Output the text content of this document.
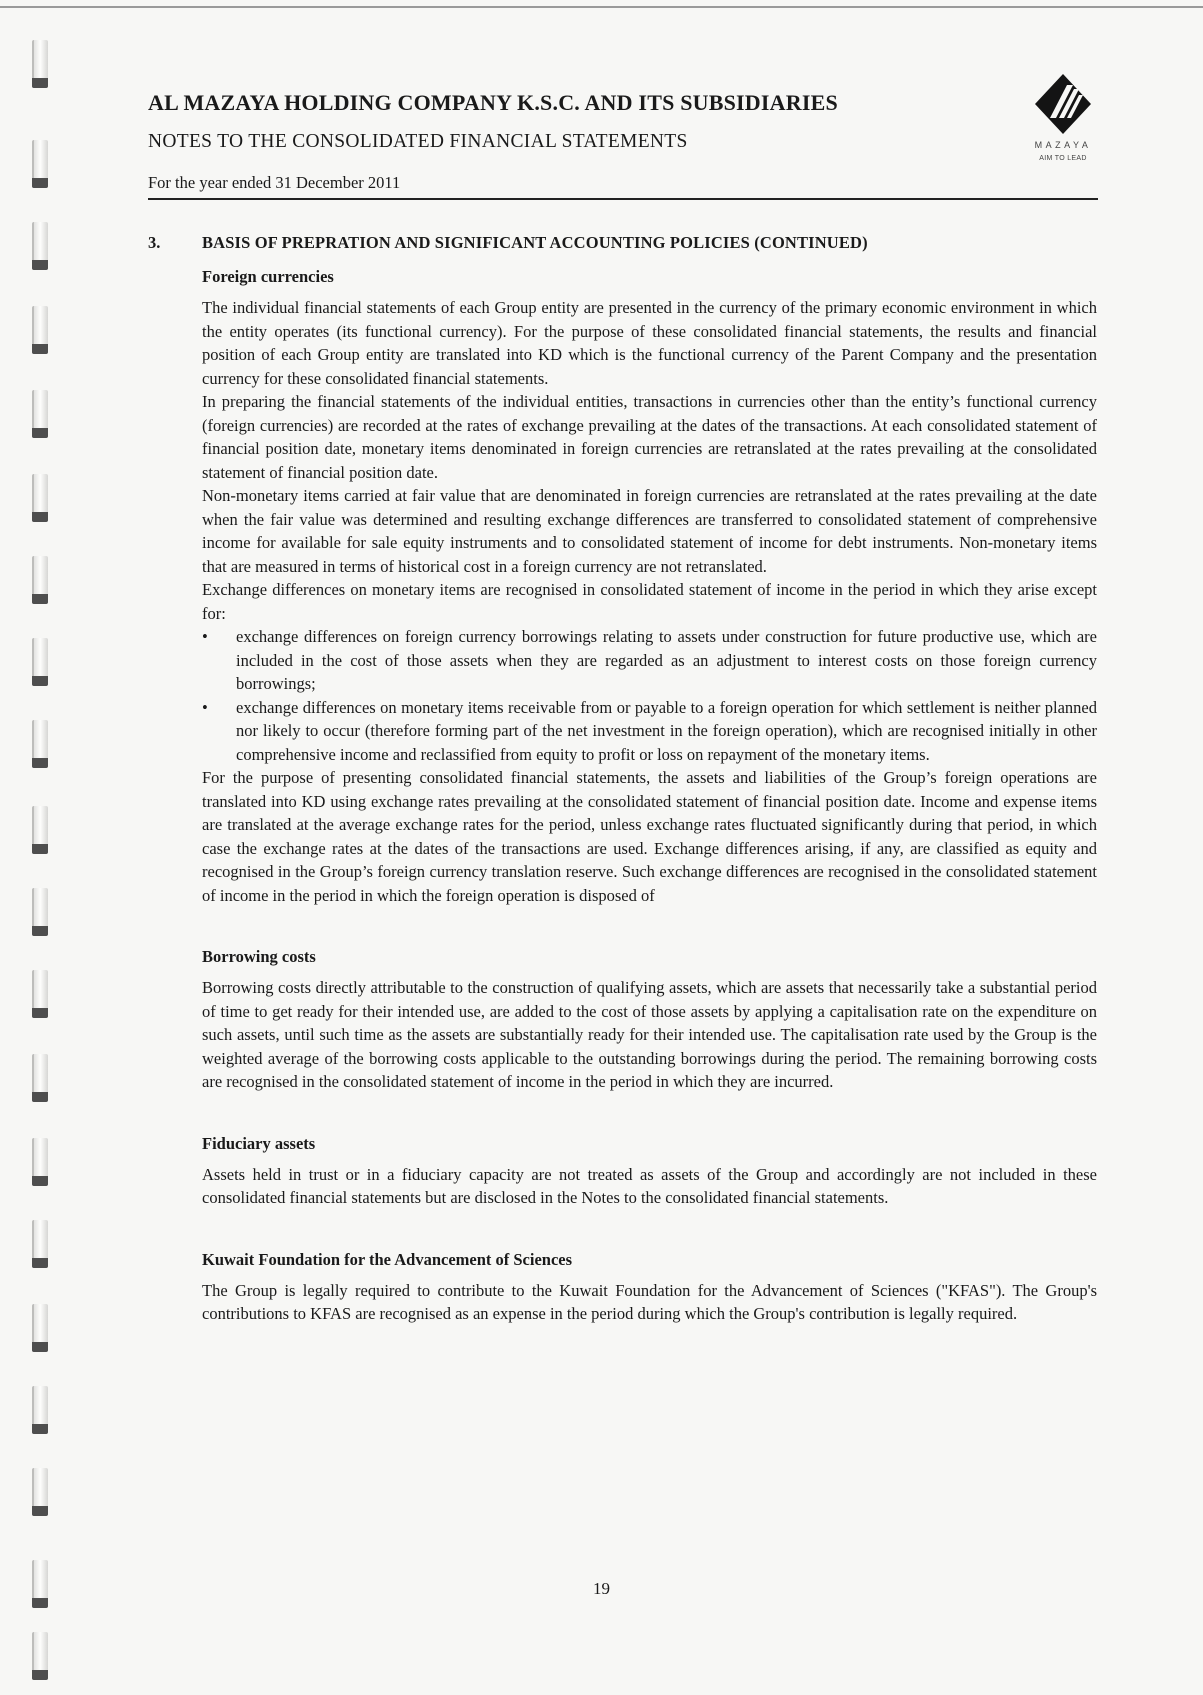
AL MAZAYA HOLDING COMPANY K.S.C. AND ITS SUBSIDIARIES

NOTES TO THE CONSOLIDATED FINANCIAL STATEMENTS

For the year ended 31 December 2011

MAZAYA
AIM TO LEAD
3.	BASIS OF PREPRATION AND SIGNIFICANT ACCOUNTING POLICIES (CONTINUED)
Foreign currencies

The individual financial statements of each Group entity are presented in the currency of the primary economic environment in which the entity operates (its functional currency). For the purpose of these consolidated financial statements, the results and financial position of each Group entity are translated into KD which is the functional currency of the Parent Company and the presentation currency for these consolidated financial statements.

In preparing the financial statements of the individual entities, transactions in currencies other than the entity’s functional currency (foreign currencies) are recorded at the rates of exchange prevailing at the dates of the transactions. At each consolidated statement of financial position date, monetary items denominated in foreign currencies are retranslated at the rates prevailing at the consolidated statement of financial position date.

Non-monetary items carried at fair value that are denominated in foreign currencies are retranslated at the rates prevailing at the date when the fair value was determined and resulting exchange differences are transferred to consolidated statement of comprehensive income for available for sale equity instruments and to consolidated statement of income for debt instruments. Non-monetary items that are measured in terms of historical cost in a foreign currency are not retranslated.

Exchange differences on monetary items are recognised in consolidated statement of income in the period in which they arise except for:

• exchange differences on foreign currency borrowings relating to assets under construction for future productive use, which are included in the cost of those assets when they are regarded as an adjustment to interest costs on those foreign currency borrowings;
• exchange differences on monetary items receivable from or payable to a foreign operation for which settlement is neither planned nor likely to occur (therefore forming part of the net investment in the foreign operation), which are recognised initially in other comprehensive income and reclassified from equity to profit or loss on repayment of the monetary items.

For the purpose of presenting consolidated financial statements, the assets and liabilities of the Group’s foreign operations are translated into KD using exchange rates prevailing at the consolidated statement of financial position date. Income and expense items are translated at the average exchange rates for the period, unless exchange rates fluctuated significantly during that period, in which case the exchange rates at the dates of the transactions are used. Exchange differences arising, if any, are classified as equity and recognised in the Group’s foreign currency translation reserve. Such exchange differences are recognised in the consolidated statement of income in the period in which the foreign operation is disposed of

Borrowing costs

Borrowing costs directly attributable to the construction of qualifying assets, which are assets that necessarily take a substantial period of time to get ready for their intended use, are added to the cost of those assets by applying a capitalisation rate on the expenditure on such assets, until such time as the assets are substantially ready for their intended use. The capitalisation rate used by the Group is the weighted average of the borrowing costs applicable to the outstanding borrowings during the period. The remaining borrowing costs are recognised in the consolidated statement of income in the period in which they are incurred.

Fiduciary assets

Assets held in trust or in a fiduciary capacity are not treated as assets of the Group and accordingly are not included in these consolidated financial statements but are disclosed in the Notes to the consolidated financial statements.

Kuwait Foundation for the Advancement of Sciences

The Group is legally required to contribute to the Kuwait Foundation for the Advancement of Sciences ("KFAS"). The Group's contributions to KFAS are recognised as an expense in the period during which the Group's contribution is legally required.

19
